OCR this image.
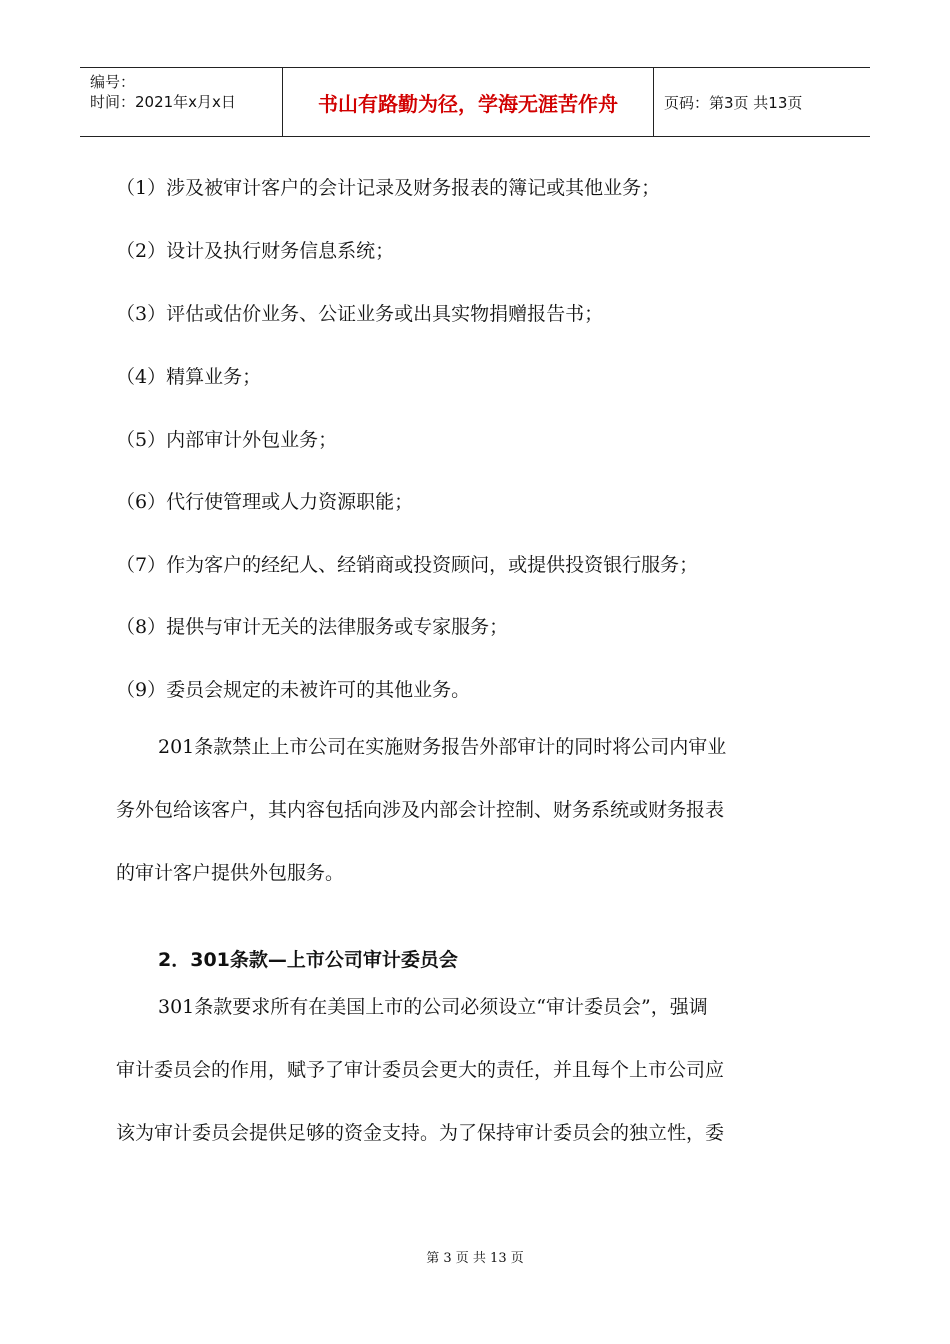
编号：
时间：2021年x月x日	书山有路勤为径，学海无涯苦作舟	页码：第3页 共13页
（1）涉及被审计客户的会计记录及财务报表的簿记或其他业务；
（2）设计及执行财务信息系统；
（3）评估或估价业务、公证业务或出具实物捐赠报告书；
（4）精算业务；
（5）内部审计外包业务；
（6）代行使管理或人力资源职能；
（7）作为客户的经纪人、经销商或投资顾问，或提供投资银行服务；
（8）提供与审计无关的法律服务或专家服务；
（9）委员会规定的未被许可的其他业务。
201条款禁止上市公司在实施财务报告外部审计的同时将公司内审业
务外包给该客户，其内容包括向涉及内部会计控制、财务系统或财务报表
的审计客户提供外包服务。
2．301条款—上市公司审计委员会
301条款要求所有在美国上市的公司必须设立“审计委员会”，强调
审计委员会的作用，赋予了审计委员会更大的责任，并且每个上市公司应
该为审计委员会提供足够的资金支持。为了保持审计委员会的独立性，委
第 3 页 共 13 页
